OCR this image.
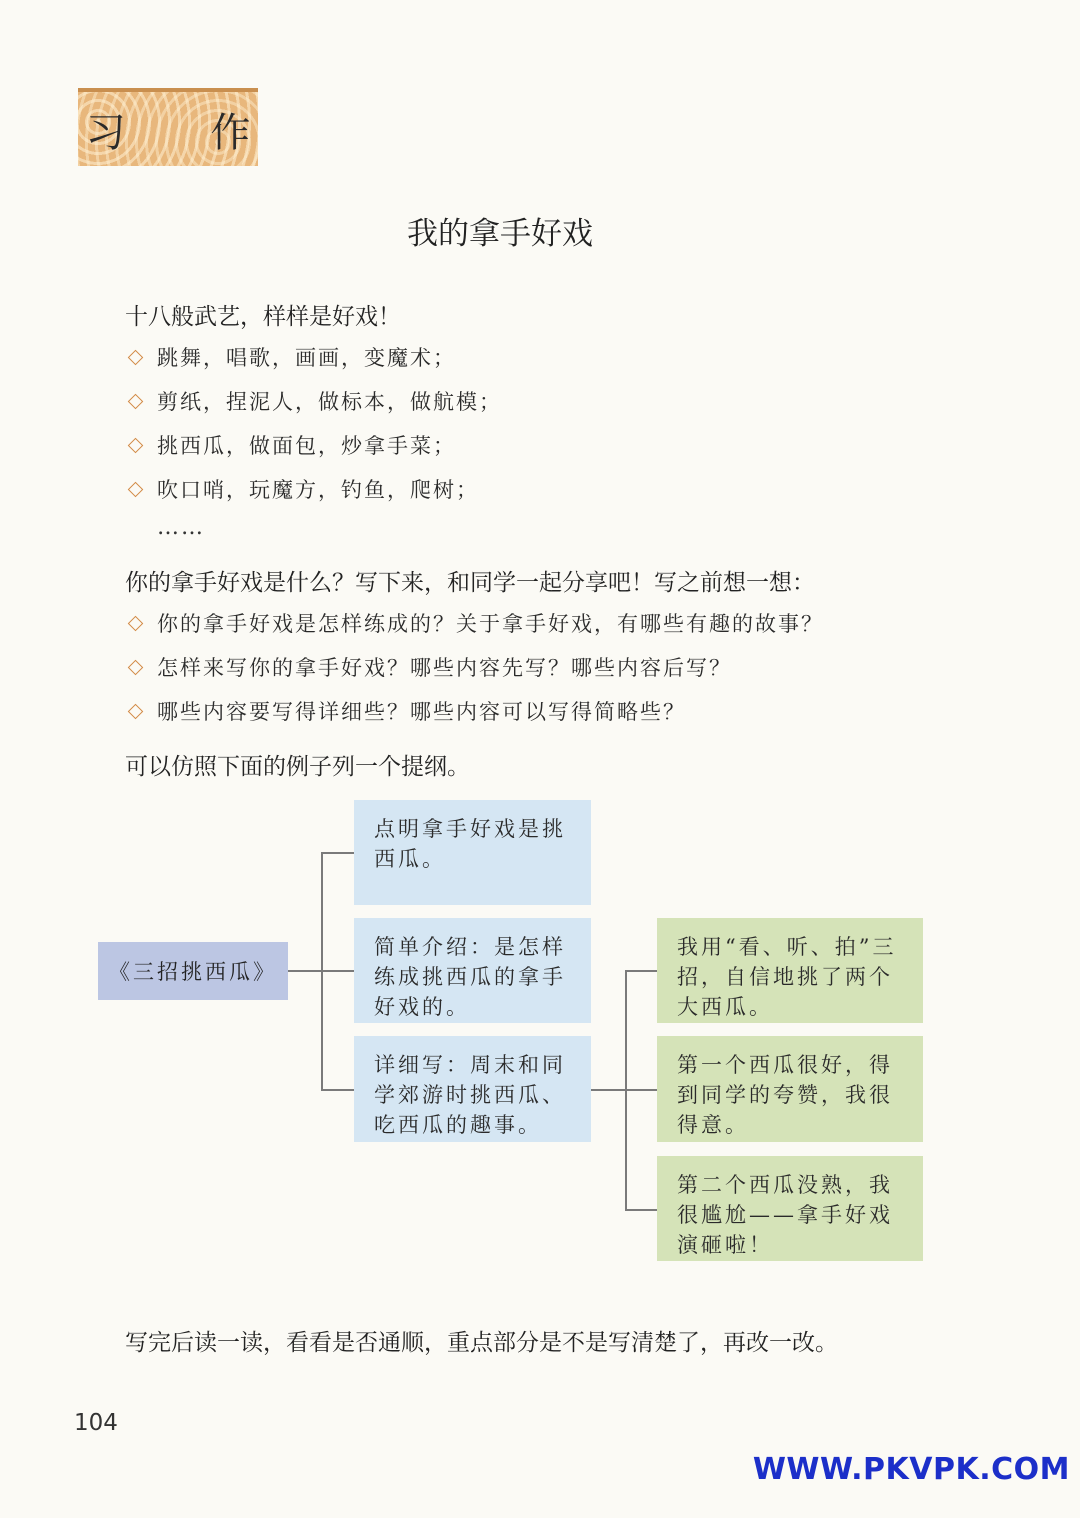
习 作
我的拿手好戏
十八般武艺，样样是好戏！
跳舞，唱歌，画画，变魔术；
剪纸，捏泥人，做标本，做航模；
挑西瓜，做面包，炒拿手菜；
吹口哨，玩魔方，钓鱼，爬树；
……
你的拿手好戏是什么？写下来，和同学一起分享吧！写之前想一想：
你的拿手好戏是怎样练成的？关于拿手好戏，有哪些有趣的故事？
怎样来写你的拿手好戏？哪些内容先写？哪些内容后写？
哪些内容要写得详细些？哪些内容可以写得简略些？
可以仿照下面的例子列一个提纲。
《三招挑西瓜》
点明拿手好戏是挑西瓜。
简单介绍：是怎样练成挑西瓜的拿手好戏的。
详细写：周末和同学郊游时挑西瓜、吃西瓜的趣事。
我用“看、听、拍”三招，自信地挑了两个大西瓜。
第一个西瓜很好，得到同学的夸赞，我很得意。
第二个西瓜没熟，我很尴尬——拿手好戏演砸啦！
写完后读一读，看看是否通顺，重点部分是不是写清楚了，再改一改。
104
WWW.PKVPK.COM
